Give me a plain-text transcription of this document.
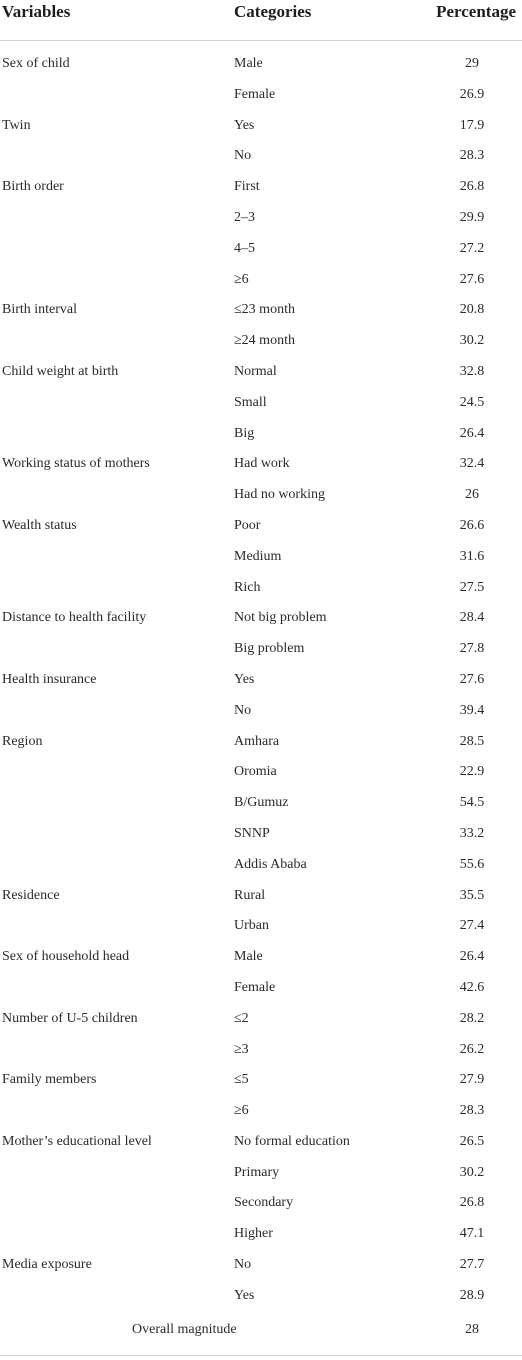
Variables	Categories	Percentage
Sex of child	Male	29
Female	26.9
Twin	Yes	17.9
No	28.3
Birth order	First	26.8
2–3	29.9
4–5	27.2
≥6	27.6
Birth interval	≤23 month	20.8
≥24 month	30.2
Child weight at birth	Normal	32.8
Small	24.5
Big	26.4
Working status of mothers	Had work	32.4
Had no working	26
Wealth status	Poor	26.6
Medium	31.6
Rich	27.5
Distance to health facility	Not big problem	28.4
Big problem	27.8
Health insurance	Yes	27.6
No	39.4
Region	Amhara	28.5
Oromia	22.9
B/Gumuz	54.5
SNNP	33.2
Addis Ababa	55.6
Residence	Rural	35.5
Urban	27.4
Sex of household head	Male	26.4
Female	42.6
Number of U-5 children	≤2	28.2
≥3	26.2
Family members	≤5	27.9
≥6	28.3
Mother’s educational level	No formal education	26.5
Primary	30.2
Secondary	26.8
Higher	47.1
Media exposure	No	27.7
Yes	28.9
Overall magnitude	28
